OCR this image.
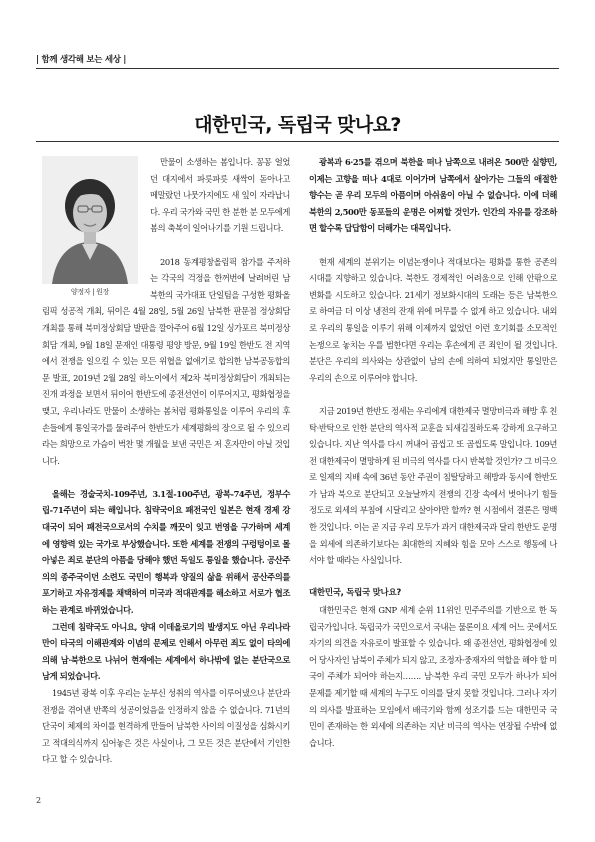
| 함께 생각해 보는 세상 |
대한민국, 독립국 맞나요?
양정자 | 원장

만물이 소생하는 봄입니다. 꽁꽁 얼었던 대지에서 파릇파릇 새싹이 돋아나고 메말랐던 나뭇가지에도 새 잎이 자라납니다. 우리 국가와 국민 한 분한 분 모두에게 봄의 축복이 일어나기를 기원 드립니다.

2018 동계평창올림픽 참가를 주저하는 각국의 걱정을 한꺼번에 날려버린 남북한의 국가대표 단일팀을 구성한 평화올림픽 성공적 개최, 뒤이은 4월 28일, 5월 26일 남북한 판문점 정상회담 개최를 통해 북미정상회담 발판을 깔아주어 6월 12일 싱가포르 북미정상회담 개최, 9월 18일 문재인 대통령 평양 방문, 9월 19일 한반도 전 지역에서 전쟁을 일으킬 수 있는 모든 위협을 없애기로 합의한 남북공동합의문 발표, 2019년 2월 28일 하노이에서 제2차 북미정상회담이 개최되는 진개 과정을 보면서 뒤이어 한반도에 종전선언이 이루어지고, 평화협정을 맺고, 우리나라도 만물이 소생하는 봄처럼 평화통일을 이루어 우리의 후손들에게 통일국가를 물려주어 한반도가 세계평화의 장으로 될 수 있으리라는 희망으로 가슴이 벅찬 몇 개월을 보낸 국민은 저 혼자만이 아닐 것입니다.

올해는 경술국치-109주년, 3.1절-100주년, 광복-74주년, 정부수립-71주년이 되는 해입니다. 침략국이요 패전국인 일본은 현재 경제 강대국이 되어 패전국으로서의 수치를 깨끗이 잊고 번영을 구가하며 세계에 영향력 있는 국가로 부상했습니다. 또한 세계를 전쟁의 구렁텅이로 몰아넣은 죄로 분단의 아픔을 당해야 했던 독일도 통일을 했습니다. 공산주의의 종주국이던 소련도 국민이 행복과 양질의 삶을 위해서 공산주의를 포기하고 자유경제를 채택하여 미국과 적대관계를 해소하고 서로가 협조하는 관계로 바뀌었습니다.

그런데 침략국도 아니요, 양대 이데올로기의 발생지도 아닌 우리나라만이 타국의 이해관계와 이념의 문제로 인해서 아무런 죄도 없이 타의에 의해 남·북한으로 나뉘어 현재에는 세계에서 하나밖에 없는 분단국으로 남게 되었습니다.

1945년 광복 이후 우리는 눈부신 성취의 역사를 이루어냈으나 분단과 전쟁을 겪어낸 반쪽의 성공이었음을 인정하지 않을 수 없습니다. 71년의 단국이 체제의 차이를 현격하게 만들어 남북한 사이의 이질성을 심화시키고 적대의식까지 심어놓은 것은 사실이나, 그 모든 것은 분단에서 기인한다고 할 수 있습니다.

광복과 6·25를 겪으며 북한을 떠나 남쪽으로 내려온 500만 실향민, 이제는 고향을 떠나 4대로 이어가며 남쪽에서 살아가는 그들의 애절한 향수는 곧 우리 모두의 아픔이며 아쉬움이 아닐 수 없습니다. 이에 더해 북한의 2,500만 동포들의 운명은 어찌할 것인가. 인간의 자유를 강조하면 할수록 답답함이 더해가는 대목입니다.

현재 세계의 분위기는 이념논쟁이나 적대보다는 평화를 통한 공존의 시대를 지향하고 있습니다. 북한도 경제적인 어려움으로 인해 안팎으로 변화를 시도하고 있습니다. 21세기 정보화시대의 도래는 등은 남북한으로 하여금 더 이상 냉전의 잔재 위에 머무를 수 없게 하고 있습니다. 내외로 우리의 통일을 이루기 위해 이제까지 없었던 이런 호기회를 소모적인 논쟁으로 놓치는 우를 범한다면 우리는 후손에게 큰 죄인이 될 것입니다. 분단은 우리의 의사와는 상관없이 남의 손에 의하여 되었지만 통일만은 우리의 손으로 이루어야 합니다.

지금 2019년 한반도 정세는 우리에게 대한제국 멸망비극과 해방 후 친탁·반탁으로 인한 분단의 역사적 교훈을 되새김질하도록 강하게 요구하고 있습니다. 지난 역사를 다시 꺼내어 곱씹고 또 곱씹도록 말입니다. 109년전 대한제국이 멸망하게 된 비극의 역사를 다시 반복할 것인가? 그 비극으로 일제의 지배 속에 36년 동안 주권이 침탈당하고 해방과 동시에 한반도가 남과 북으로 분단되고 오늘날까지 전쟁의 긴장 속에서 벗어나기 힘들 정도로 외세의 부침에 시달리고 살아야만 할까? 현 시점에서 결론은 명백한 것입니다. 이는 곧 지금 우리 모두가 과거 대한제국과 달리 한반도 운명을 외세에 의존하기보다는 최대한의 지혜와 힘을 모아 스스로 행동에 나서야 할 때라는 사실입니다.

대한민국, 독립국 맞나요?

대한민국은 현재 GNP 세계 순위 11위인 민주주의를 기반으로 한 독립국가입니다. 독립국가 국민으로서 국내는 물론이요 세계 어느 곳에서도 자기의 의견을 자유로이 발표할 수 있습니다. 왜 종전선언, 평화협정에 있어 당사자인 남북이 주체가 되지 않고, 조정자·중재자의 역할을 해야 할 미국이 주체가 되어야 하는지……. 남·북한 우리 국민 모두가 하나가 되어 문제를 제기할 때 세계의 누구도 이의를 달지 못할 것입니다. 그러나 자기의 의사를 발표하는 모임에서 배극기와 함께 성조기를 드는 대한민국 국민이 존재하는 한 외세에 의존하는 지난 비극의 역사는 연장될 수밖에 없습니다.

2
